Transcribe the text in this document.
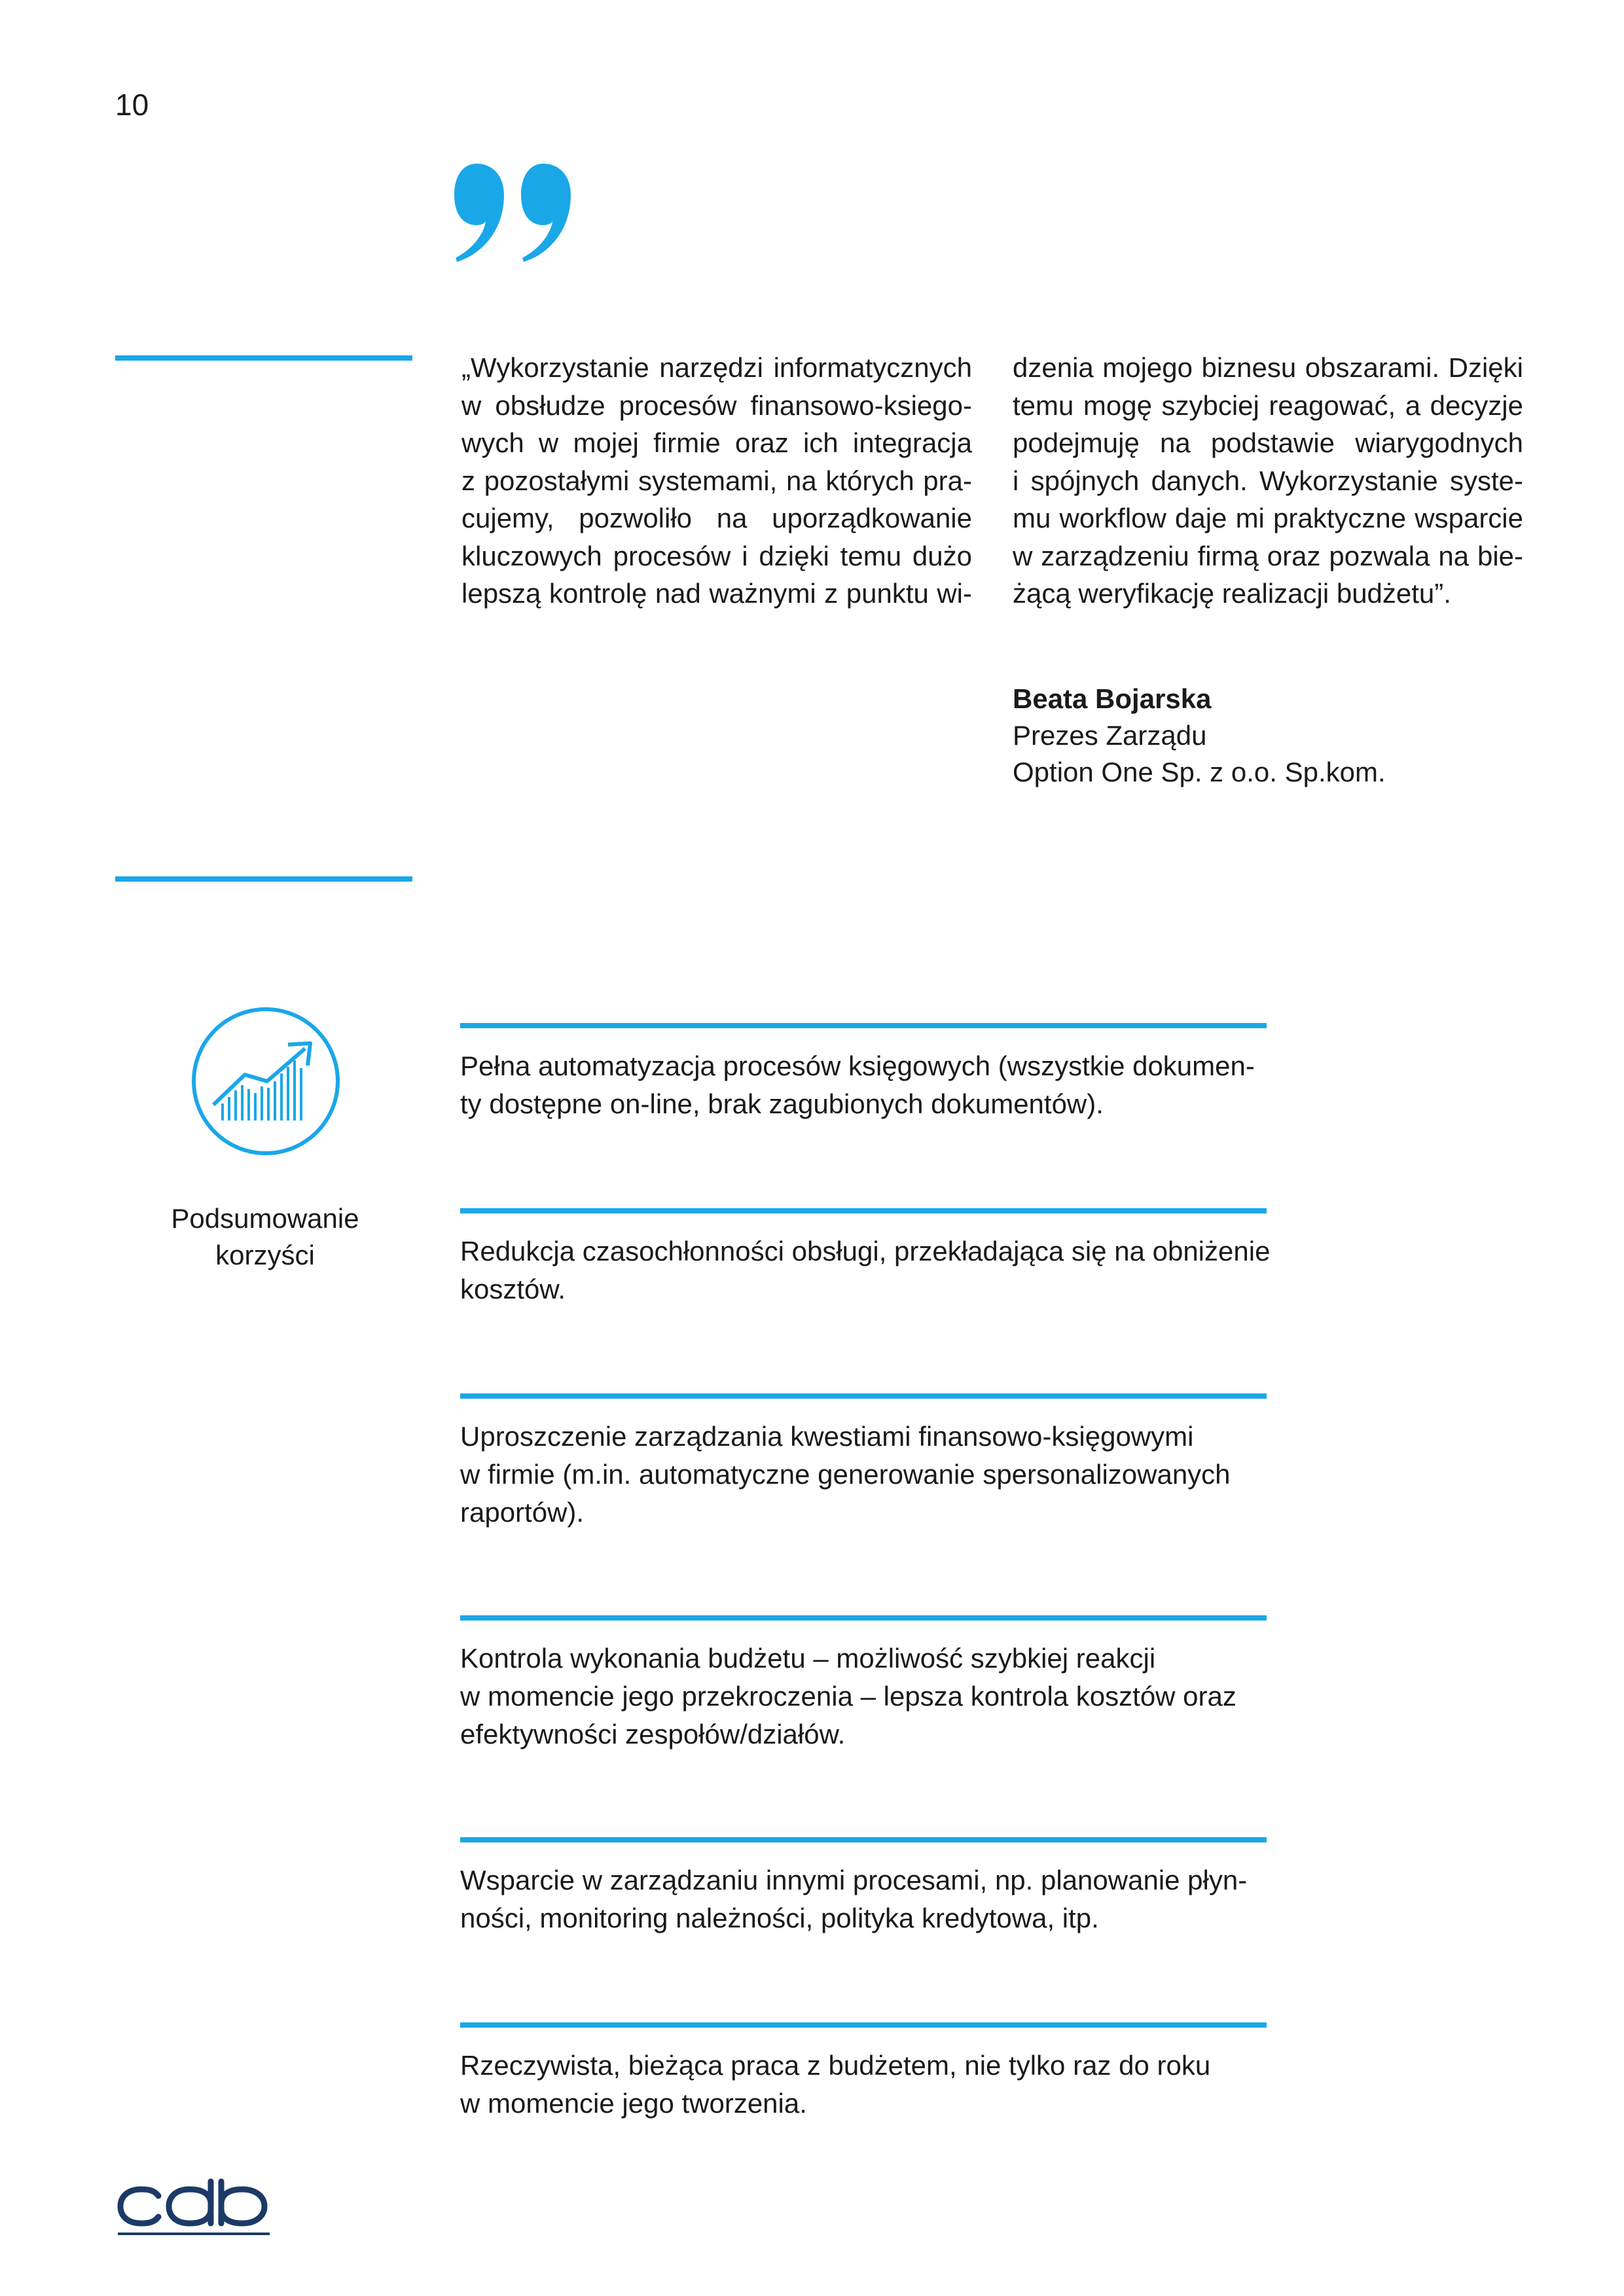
10
„Wykorzystanie narzędzi informatycznych
w obsłudze procesów finansowo-ksiego-
wych w mojej firmie oraz ich integracja
z pozostałymi systemami, na których pra-
cujemy, pozwoliło na uporządkowanie
kluczowych procesów i dzięki temu dużo
lepszą kontrolę nad ważnymi z punktu wi-
dzenia mojego biznesu obszarami. Dzięki
temu mogę szybciej reagować, a decyzje
podejmuję na podstawie wiarygodnych
i spójnych danych. Wykorzystanie syste-
mu workflow daje mi praktyczne wsparcie
w zarządzeniu firmą oraz pozwala na bie-
żącą weryfikację realizacji budżetu”.
Beata Bojarska
Prezes Zarządu
Option One Sp. z o.o. Sp.kom.
Podsumowanie
korzyści
Pełna automatyzacja procesów księgowych (wszystkie dokumen-
ty dostępne on-line, brak zagubionych dokumentów).
Redukcja czasochłonności obsługi, przekładająca się na obniżenie
kosztów.
Uproszczenie zarządzania kwestiami finansowo-księgowymi
w firmie (m.in. automatyczne generowanie spersonalizowanych
raportów).
Kontrola wykonania budżetu – możliwość szybkiej reakcji
w momencie jego przekroczenia – lepsza kontrola kosztów oraz
efektywności zespołów/działów.
Wsparcie w zarządzaniu innymi procesami, np. planowanie płyn-
ności, monitoring należności, polityka kredytowa, itp.
Rzeczywista, bieżąca praca z budżetem, nie tylko raz do roku
w momencie jego tworzenia.
